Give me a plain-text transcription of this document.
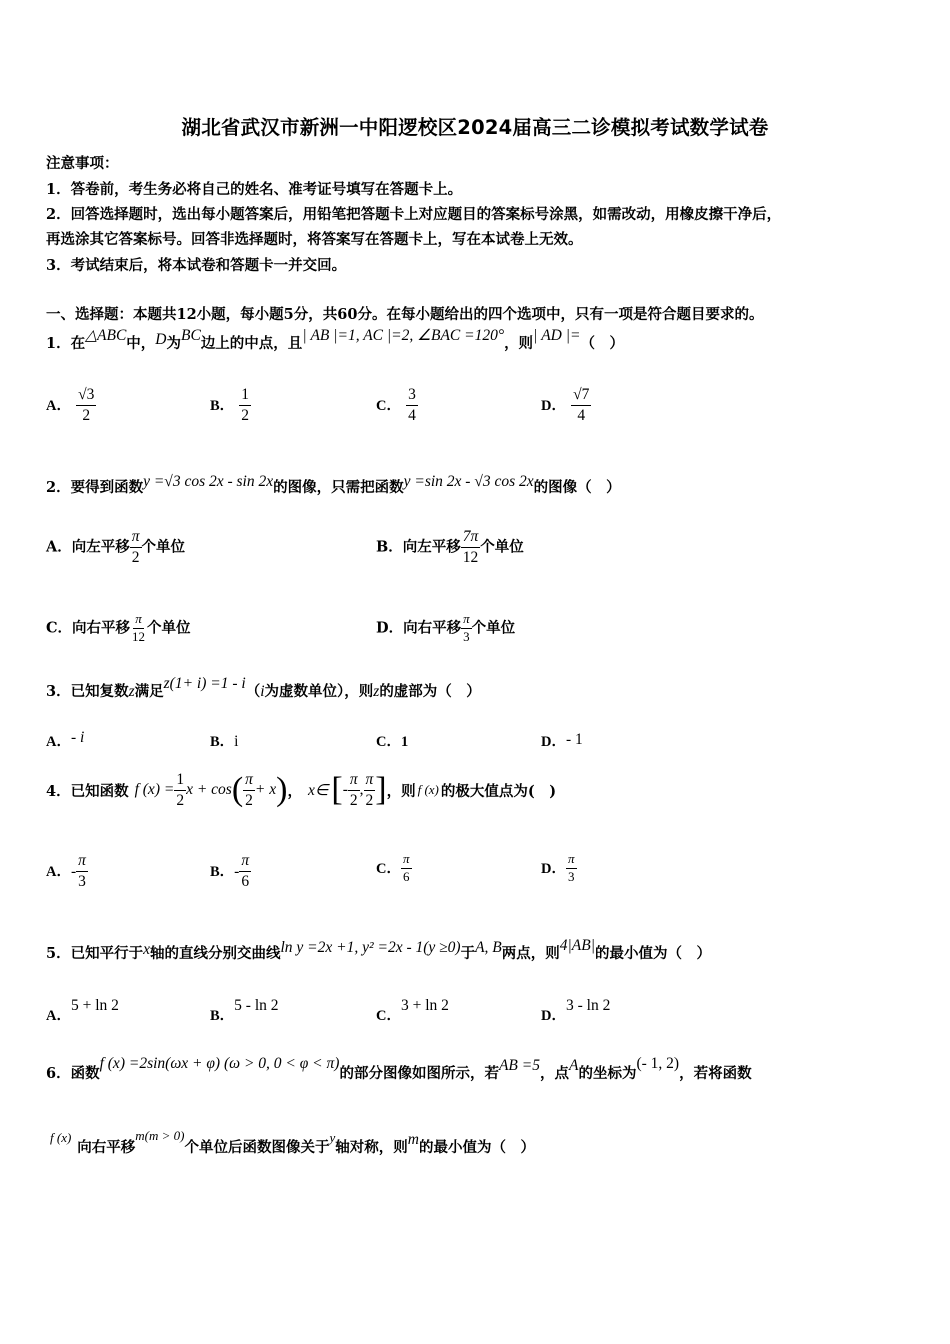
湖北省武汉市新洲一中阳逻校区2024届高三二诊模拟考试数学试卷
注意事项：
1．答卷前，考生务必将自己的姓名、准考证号填写在答题卡上。
2．回答选择题时，选出每小题答案后，用铅笔把答题卡上对应题目的答案标号涂黑，如需改动，用橡皮擦干净后，
再选涂其它答案标号。回答非选择题时，将答案写在答题卡上，写在本试卷上无效。
3．考试结束后，将本试卷和答题卡一并交回。
一、选择题：本题共12小题，每小题5分，共60分。在每小题给出的四个选项中，只有一项是符合题目要求的。
1．在△ABC中，D为BC边上的中点，且| AB |=1, AC |=2, ∠BAC =120°，则| AD |=（　）
A． $\frac{√3}{2}$	B． $\frac{1}{2}$	C． $\frac{3}{4}$	D． $\frac{√7}{4}$
2．要得到函数y =√3 cos 2x - sin 2x的图像，只需把函数y =sin 2x - √3 cos 2x的图像（　）
A．向左平移 $\frac{\pi}{2}$ 个单位	B．向左平移 $\frac{7\pi}{12}$ 个单位
C．向右平移 $\frac{\pi}{12}$ 个单位	D．向右平移 $\frac{\pi}{3}$ 个单位
3．已知复数z满足z(1+ i) =1 - i（i为虚数单位），则z的虚部为（　）
A．- i	B．i	C．1	D．- 1
4．已知函数 f $(x) = \frac{1}{2}$ x + cos ( $\frac{\pi}{2} + x$ ) ， x∈ [ - $\frac{\pi}{2}$ , $\frac{\pi}{2}$ ] ，则 f (x) 的极大值点为(　)
A．- $\frac{\pi}{3}$	B．- $\frac{\pi}{6}$	C． $\frac{\pi}{6}$	D． $\frac{\pi}{3}$
5．已知平行于x轴的直线分别交曲线ln y =2x +1, y² =2x - 1(y ≥0)于A, B两点，则4|AB|的最小值为（　）
A．5 + ln 2
B．5 - ln 2
C．3 + ln 2
D．3 - ln 2
6．函数f (x) =2sin(ωx + φ) (ω > 0, 0 < φ < π)的部分图像如图所示，若AB =5，点A的坐标为(- 1, 2)，若将函数
f (x)向右平移m(m > 0)个单位后函数图像关于y轴对称，则m的最小值为（　）
